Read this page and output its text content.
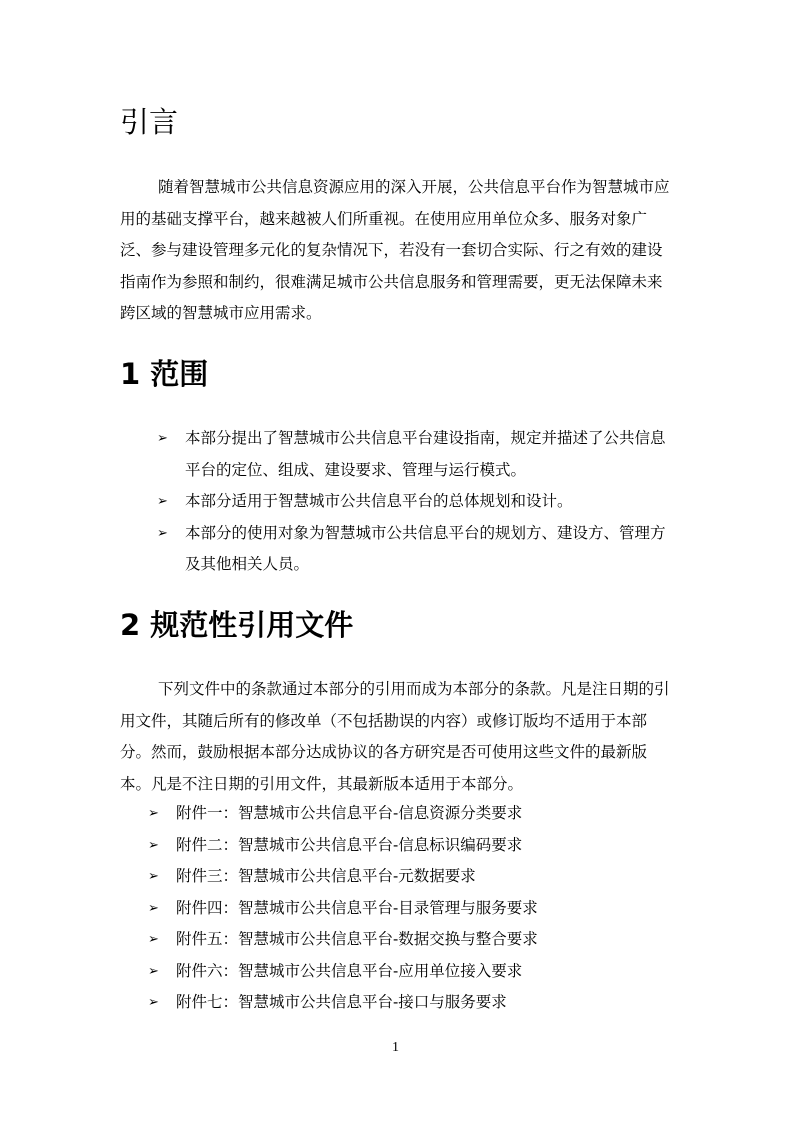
引言

随着智慧城市公共信息资源应用的深入开展，公共信息平台作为智慧城市应用的基础支撑平台，越来越被人们所重视。在使用应用单位众多、服务对象广泛、参与建设管理多元化的复杂情况下，若没有一套切合实际、行之有效的建设指南作为参照和制约，很难满足城市公共信息服务和管理需要，更无法保障未来跨区域的智慧城市应用需求。

1 范围
➢ 本部分提出了智慧城市公共信息平台建设指南，规定并描述了公共信息平台的定位、组成、建设要求、管理与运行模式。
➢ 本部分适用于智慧城市公共信息平台的总体规划和设计。
➢ 本部分的使用对象为智慧城市公共信息平台的规划方、建设方、管理方及其他相关人员。
2 规范性引用文件

下列文件中的条款通过本部分的引用而成为本部分的条款。凡是注日期的引用文件，其随后所有的修改单（不包括勘误的内容）或修订版均不适用于本部分。然而，鼓励根据本部分达成协议的各方研究是否可使用这些文件的最新版本。凡是不注日期的引用文件，其最新版本适用于本部分。

➢ 附件一：智慧城市公共信息平台-信息资源分类要求
➢ 附件二：智慧城市公共信息平台-信息标识编码要求
➢ 附件三：智慧城市公共信息平台-元数据要求
➢ 附件四：智慧城市公共信息平台-目录管理与服务要求
➢ 附件五：智慧城市公共信息平台-数据交换与整合要求
➢ 附件六：智慧城市公共信息平台-应用单位接入要求
➢ 附件七：智慧城市公共信息平台-接口与服务要求
1
